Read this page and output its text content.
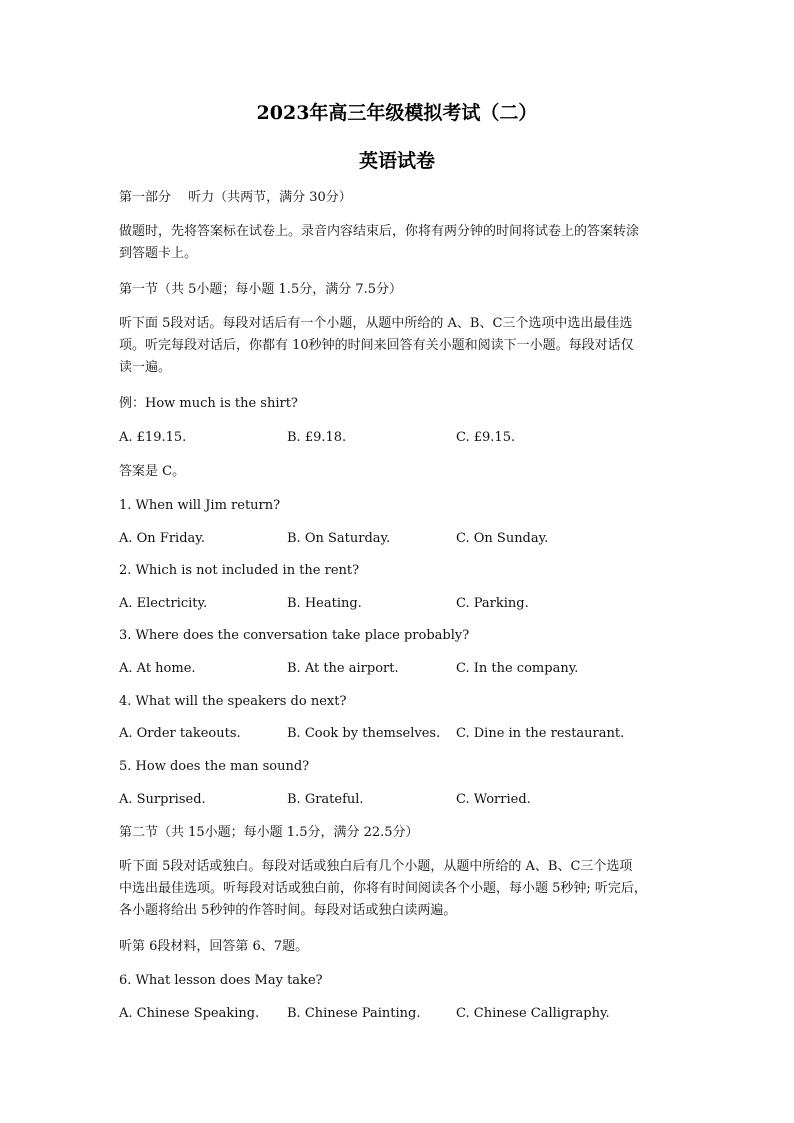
2023年高三年级模拟考试（二）
英语试卷
第一部分　 听力（共两节，满分 30分）
做题时，先将答案标在试卷上。录音内容结束后，你将有两分钟的时间将试卷上的答案转涂
到答题卡上。
第一节（共 5小题；每小题 1.5分，满分 7.5分）
听下面 5段对话。每段对话后有一个小题，从题中所给的 A、B、C三个选项中选出最佳选
项。听完每段对话后，你都有 10秒钟的时间来回答有关小题和阅读下一小题。每段对话仅
读一遍。
例：How much is the shirt?
A. £19.15.	B. £9.18.	C. £9.15.
答案是 C。
1. When will Jim return?
A. On Friday.	B. On Saturday.	C. On Sunday.
2. Which is not included in the rent?
A. Electricity.	B. Heating.	C. Parking.
3. Where does the conversation take place probably?
A. At home.	B. At the airport.	C. In the company.
4. What will the speakers do next?
A. Order takeouts.	B. Cook by themselves. C. Dine in the restaurant.
5. How does the man sound?
A. Surprised.	B. Grateful.	C. Worried.
第二节（共 15小题；每小题 1.5分，满分 22.5分）
听下面 5段对话或独白。每段对话或独白后有几个小题，从题中所给的 A、B、C三个选项
中选出最佳选项。听每段对话或独白前，你将有时间阅读各个小题，每小题 5秒钟; 听完后，
各小题将给出 5秒钟的作答时间。每段对话或独白读两遍。
听第 6段材料，回答第 6、7题。
6. What lesson does May take?
A. Chinese Speaking. B. Chinese Painting.	C. Chinese Calligraphy.
